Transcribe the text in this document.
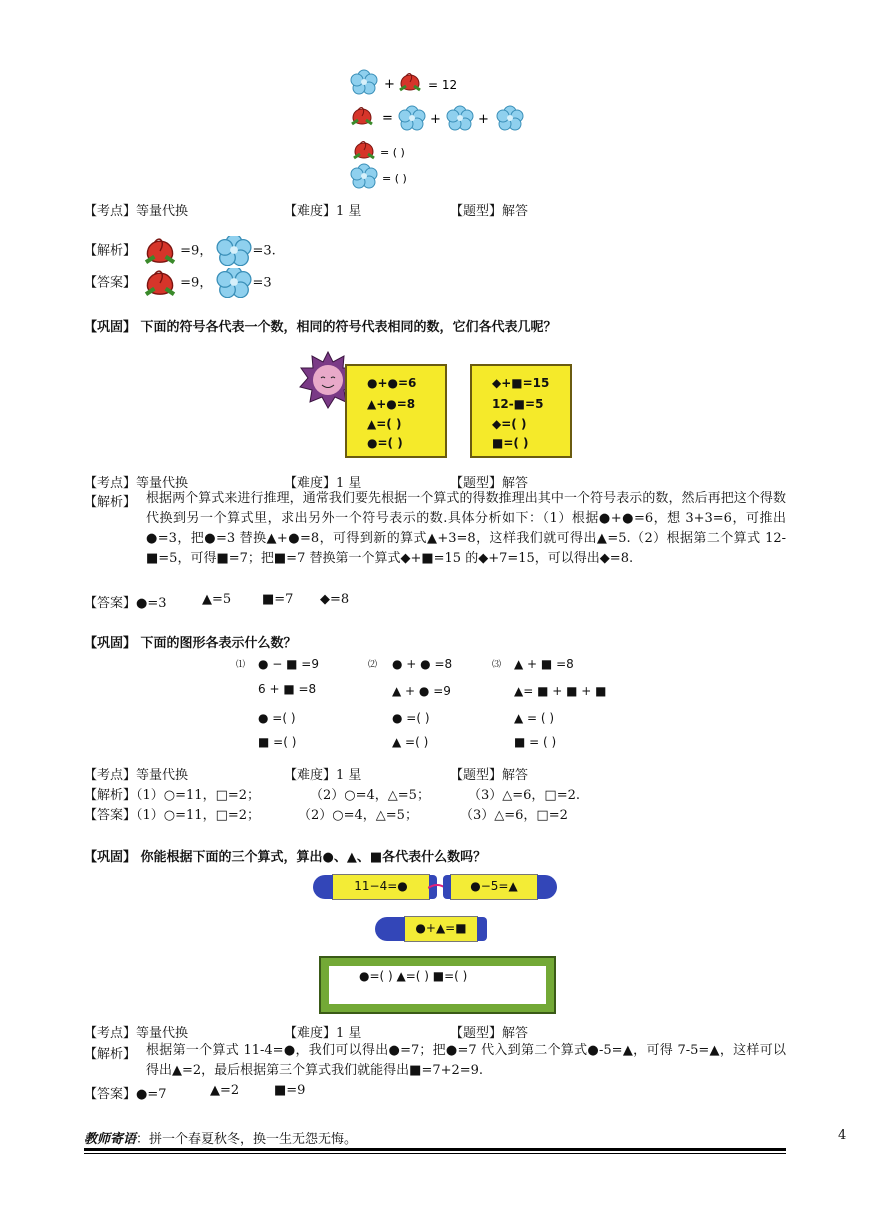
+	= 12
=	+	+
= ( )
= ( )
【考点】等量代换	【难度】1 星	【题型】解答
【解析】	=9，	=3.
【答案】	=9，	=3
【巩固】 下面的符号各代表一个数，相同的符号代表相同的数，它们各代表几呢？
●+●=6
▲+●=8
▲=( )
●=( )
◆+■=15
12-■=5
◆=( )
■=( )
【考点】等量代换	【难度】1 星	【题型】解答
【解析】 根据两个算式来进行推理，通常我们要先根据一个算式的得数推理出其中一个符号表示的数，然后再把这个得数代换到另一个算式里，求出另外一个符号表示的数.具体分析如下：（1）根据●+●=6，想 3+3=6，可推出●=3，把●=3 替换▲+●=8，可得到新的算式▲+3=8，这样我们就可得出▲=5.（2）根据第二个算式 12-■=5，可得■=7；把■=7 替换第一个算式◆+■=15 的◆+7=15，可以得出◆=8.
【答案】●=3	▲=5 ■=7 ◆=8
【巩固】 下面的图形各表示什么数？
⑴ ● − ■ =9
6 + ■ =8
● =( )
■ =( )
⑵ ● + ● =8
▲ + ● =9
● =( )
▲ =( )
⑶ ▲ + ■ =8
▲= ■ + ■ + ■
▲ = ( )
■ = ( )
【考点】等量代换	【难度】1 星	【题型】解答
【解析】（1）○=11，□=2；	（2）○=4，△=5；	（3）△=6，□=2.
【答案】（1）○=11，□=2；	（2）○=4，△=5；	（3）△=6，□=2
【巩固】 你能根据下面的三个算式，算出●、▲、■各代表什么数吗？
11−4=●	●−5=▲
●+▲=■
●=( ) ▲=( ) ■=( )
【考点】等量代换	【难度】1 星	【题型】解答
【解析】 根据第一个算式 11-4=●，我们可以得出●=7；把●=7 代入到第二个算式●-5=▲，可得 7-5=▲，这样可以得出▲=2，最后根据第三个算式我们就能得出■=7+2=9.
【答案】●=7	▲=2	■=9
教师寄语：拼一个春夏秋冬，换一生无怨无悔。	4
